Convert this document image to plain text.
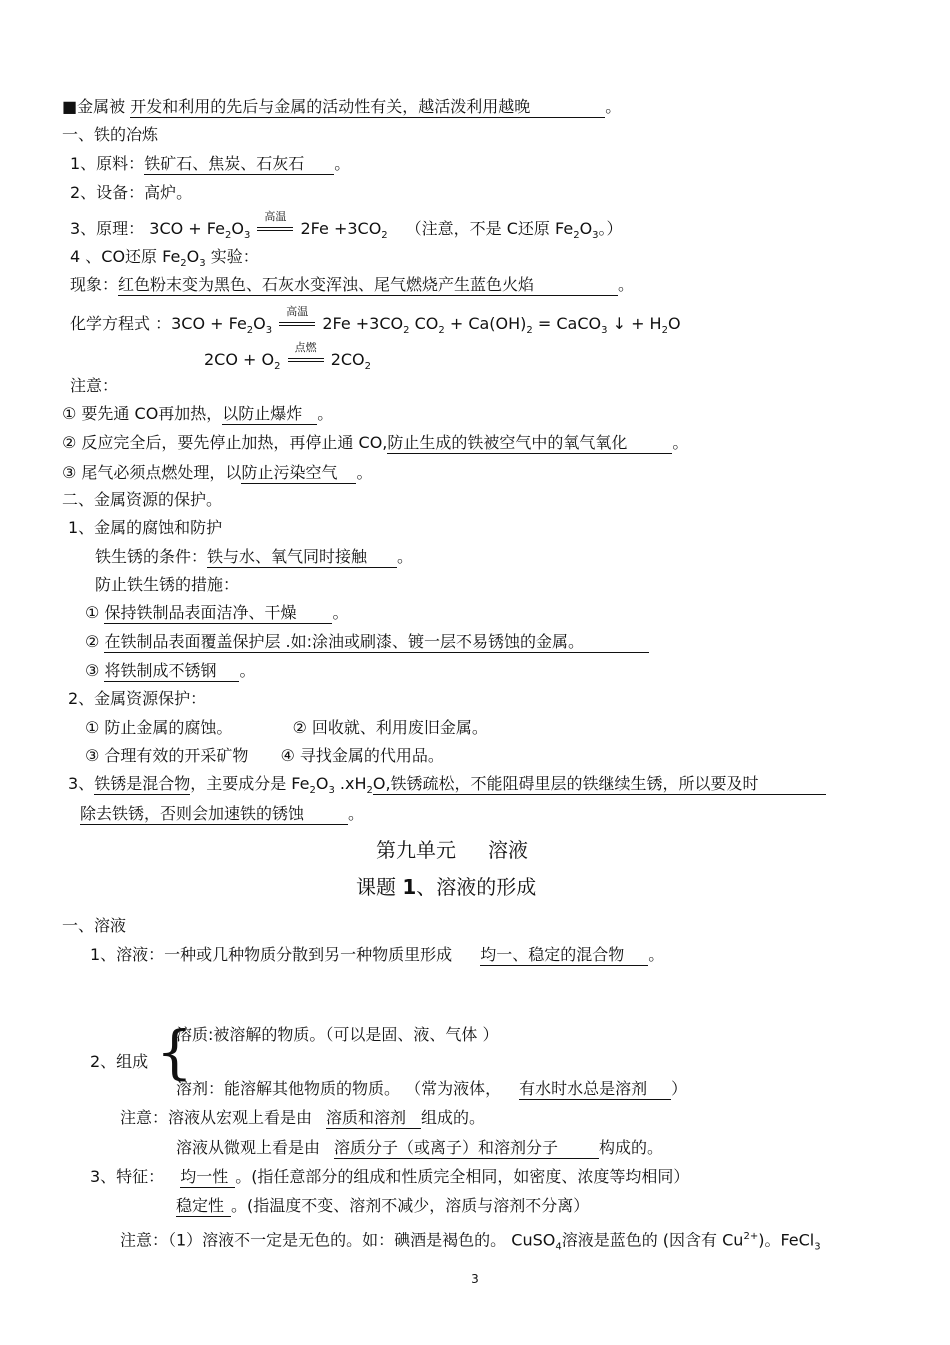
■金属被 开发和利用的先后与金属的活动性有关，越活泼利用越晚	。
一、铁的冶炼
1、原料：铁矿石、焦炭、石灰石 。
2、设备：高炉。
3、原理： $3CO + Fe_2O_3$
高温
$2Fe +3CO_2$ （注意，不是 C还原 $Fe_2O_3$。）
4 、CO还原 $Fe_2O_3$ 实验：
现象：红色粉末变为黑色、石灰水变浑浊、尾气燃烧产生蓝色火焰	。
化学方程式 ：$3CO + Fe_2O_3$
高温
$2Fe +3CO_2$ $CO_2 + Ca(OH)_2$ = CaCO$_3$ ↓ + $H_2O$
$2CO + O_2$
点燃
$2CO_2$
注意：
① 要先通 CO再加热，以防止爆炸 。
② 反应完全后，要先停止加热，再停止通 CO,防止生成的铁被空气中的氧气氧化	。
③ 尾气必须点燃处理，以防止污染空气 。
二、金属资源的保护。
1、金属的腐蚀和防护
铁生锈的条件：铁与水、氧气同时接触 。
防止铁生锈的措施：
① 保持铁制品表面洁净、干燥 。
② 在铁制品表面覆盖保护层 .如:涂油或刷漆、镀一层不易锈蚀的金属。
③ 将铁制成不锈钢 。
2、金属资源保护：
① 防止金属的腐蚀。	② 回收就、利用废旧金属。
③ 合理有效的开采矿物 ④ 寻找金属的代用品。
3、铁锈是混合物，主要成分是 $Fe_2O_3$ $.xH_2O$,铁锈疏松，不能阻碍里层的铁继续生锈，所以要及时
除去铁锈，否则会加速铁的锈蚀	。
第九单元 溶液
课题 1、溶液的形成
一、溶液
1、溶液：一种或几种物质分散到另一种物质里形成 均一、稳定的混合物 。
溶质:被溶解的物质。（可以是固、液、气体 ）
{
2、组成
溶剂：能溶解其他物质的物质。 （常为液体， 有水时水总是溶剂 ）
注意：溶液从宏观上看是由 溶质和溶剂 组成的。
溶液从微观上看是由 溶质分子（或离子）和溶剂分子	构成的。
3、特征： 均一性 。(指任意部分的组成和性质完全相同，如密度、浓度等均相同）
稳定性 。(指温度不变、溶剂不减少，溶质与溶剂不分离）
注意：（1）溶液不一定是无色的。如：碘酒是褐色的。 CuSO$_4$溶液是蓝色的 (因含有 $Cu^{2+}$)。FeCl$_3$
3
